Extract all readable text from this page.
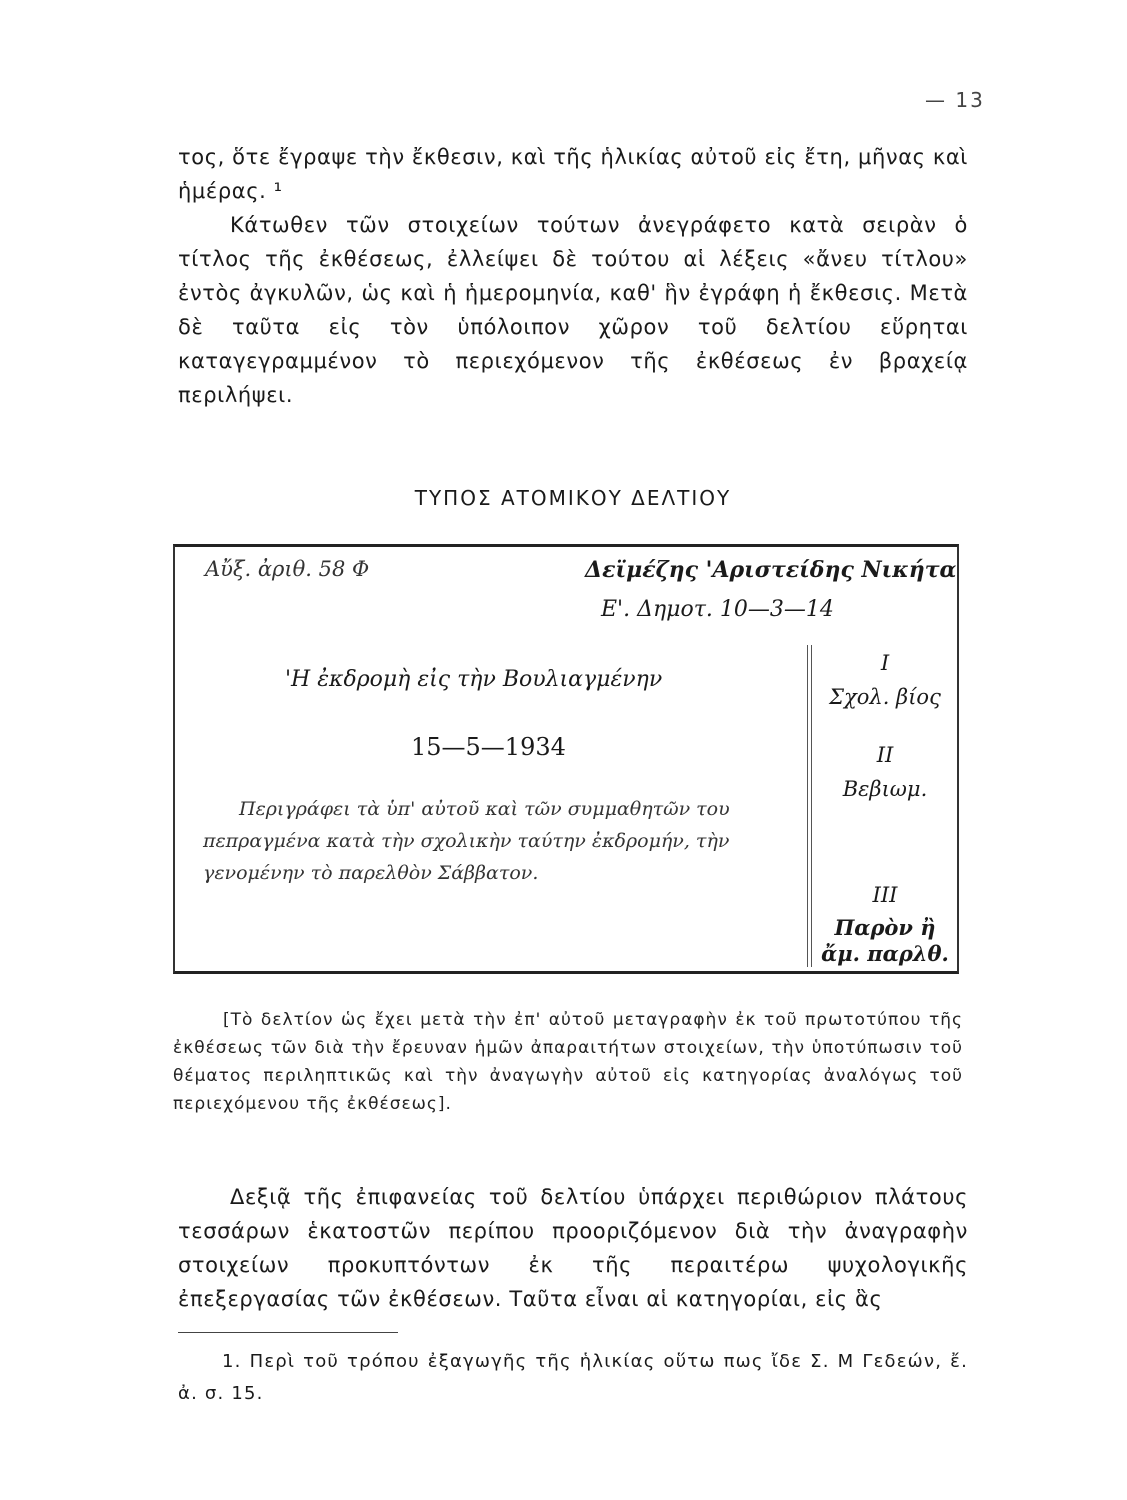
— 13

τος, ὅτε ἔγραψε τὴν ἔκθεσιν, καὶ τῆς ἡλικίας αὐτοῦ εἰς ἔτη, μῆνας καὶ ἡμέρας. ¹

Κάτωθεν τῶν στοιχείων τούτων ἀνεγράφετο κατὰ σειρὰν ὁ τίτλος τῆς ἐκθέσεως, ἐλλείψει δὲ τούτου αἱ λέξεις «ἄνευ τίτλου» ἐντὸς ἀγκυλῶν, ὡς καὶ ἡ ἡμερομηνία, καθ' ἣν ἐγράφη ἡ ἔκθεσις. Μετὰ δὲ ταῦτα εἰς τὸν ὑπόλοιπον χῶρον τοῦ δελτίου εὕρηται καταγεγραμμένον τὸ περιεχόμενον τῆς ἐκθέσεως ἐν βραχείᾳ περιλήψει.

ΤΥΠΟΣ ΑΤΟΜΙΚΟΥ ΔΕΛΤΙΟΥ
Αὔξ. ἀριθ. 58 Φ	Δεϊμέζης 'Αριστείδης Νικήτα
Ε'. Δημοτ. 10—3—14
'Η ἐκδρομὴ εἰς τὴν Βουλιαγμένην
15—5—1934
Περιγράφει τὰ ὑπ' αὐτοῦ καὶ τῶν συμμαθητῶν του πεπραγμένα κατὰ τὴν σχολικὴν ταύτην ἐκδρομήν, τὴν γενομένην τὸ παρελθὸν Σάββατον.
I
Σχολ. βίος
II
Βεβιωμ.
III
Παρὸν ἢ
ἄμ. παρλθ.
[Τὸ δελτίον ὡς ἔχει μετὰ τὴν ἐπ' αὐτοῦ μεταγραφὴν ἐκ τοῦ πρωτοτύπου τῆς ἐκθέσεως τῶν διὰ τὴν ἔρευναν ἡμῶν ἀπαραιτήτων στοιχείων, τὴν ὑποτύπωσιν τοῦ θέματος περιληπτικῶς καὶ τὴν ἀναγωγὴν αὐτοῦ εἰς κατηγορίας ἀναλόγως τοῦ περιεχόμενου τῆς ἐκθέσεως].

Δεξιᾷ τῆς ἐπιφανείας τοῦ δελτίου ὑπάρχει περιθώριον πλάτους τεσσάρων ἑκατοστῶν περίπου προοριζόμενον διὰ τὴν ἀναγραφὴν στοιχείων προκυπτόντων ἐκ τῆς περαιτέρω ψυχολογικῆς ἐπεξεργασίας τῶν ἐκθέσεων. Ταῦτα εἶναι αἱ κατηγορίαι, εἰς ἃς

1. Περὶ τοῦ τρόπου ἐξαγωγῆς τῆς ἡλικίας οὕτω πως ἴδε Σ. Μ Γεδεών, ἔ. ἀ. σ. 15.
